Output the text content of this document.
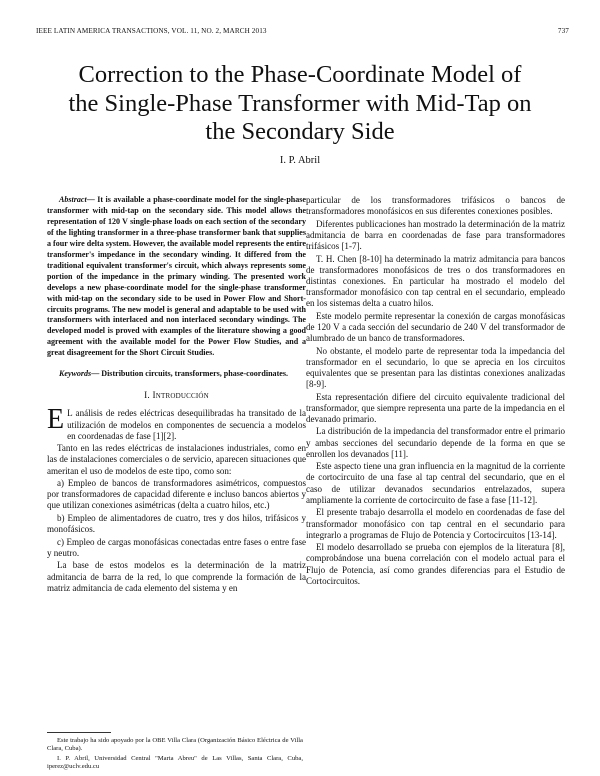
IEEE LATIN AMERICA TRANSACTIONS, VOL. 11, NO. 2, MARCH 2013	737
Correction to the Phase-Coordinate Model of
the Single-Phase Transformer with Mid-Tap on
the Secondary Side
I. P. Abril

Abstract— It is available a phase-coordinate model for the single-phase transformer with mid-tap on the secondary side. This model allows the representation of 120 V single-phase loads on each section of the secondary of the lighting transformer in a three-phase transformer bank that supplies a four wire delta system. However, the available model represents the entire transformer's impedance in the secondary winding. It differed from the traditional equivalent transformer's circuit, which always represents some portion of the impedance in the primary winding. The presented work develops a new phase-coordinate model for the single-phase transformer with mid-tap on the secondary side to be used in Power Flow and Short-circuits programs. The new model is general and adaptable to be used with transformers with interlaced and non interlaced secondary windings. The developed model is proved with examples of the literature showing a good agreement with the available model for the Power Flow Studies, and a great disagreement for the Short Circuit Studies.

Keywords— Distribution circuits, transformers, phase-coordinates.

I. Introducción

E L análisis de redes eléctricas desequilibradas ha transitado de la utilización de modelos en componentes de secuencia a modelos en coordenadas de fase [1][2].

Tanto en las redes eléctricas de instalaciones industriales, como en las de instalaciones comerciales o de servicio, aparecen situaciones que ameritan el uso de modelos de este tipo, como son:

a) Empleo de bancos de transformadores asimétricos, compuestos por transformadores de capacidad diferente e incluso bancos abiertos y que utilizan conexiones asimétricas (delta a cuatro hilos, etc.)

b) Empleo de alimentadores de cuatro, tres y dos hilos, trifásicos y monofásicos.

c) Empleo de cargas monofásicas conectadas entre fases o entre fase y neutro.

La base de estos modelos es la determinación de la matriz admitancia de barra de la red, lo que comprende la formación de la matriz admitancia de cada elemento del sistema y en

particular de los transformadores trifásicos o bancos de transformadores monofásicos en sus diferentes conexiones posibles.

Diferentes publicaciones han mostrado la determinación de la matriz admitancia de barra en coordenadas de fase para transformadores trifásicos [1-7].

T. H. Chen [8-10] ha determinado la matriz admitancia para bancos de transformadores monofásicos de tres o dos transformadores en distintas conexiones. En particular ha mostrado el modelo del transformador monofásico con tap central en el secundario, empleado en los sistemas delta a cuatro hilos.

Este modelo permite representar la conexión de cargas monofásicas de 120 V a cada sección del secundario de 240 V del transformador de alumbrado de un banco de transformadores.

No obstante, el modelo parte de representar toda la impedancia del transformador en el secundario, lo que se aprecia en los circuitos equivalentes que se presentan para las distintas conexiones analizadas [8-9].

Esta representación difiere del circuito equivalente tradicional del transformador, que siempre representa una parte de la impedancia en el devanado primario.

La distribución de la impedancia del transformador entre el primario y ambas secciones del secundario depende de la forma en que se enrollen los devanados [11].

Este aspecto tiene una gran influencia en la magnitud de la corriente de cortocircuito de una fase al tap central del secundario, que en el caso de utilizar devanados secundarios entrelazados, supera ampliamente la corriente de cortocircuito de fase a fase [11-12].

El presente trabajo desarrolla el modelo en coordenadas de fase del transformador monofásico con tap central en el secundario para integrarlo a programas de Flujo de Potencia y Cortocircuitos [13-14].

El modelo desarrollado se prueba con ejemplos de la literatura [8], comprobándose una buena correlación con el modelo actual para el Flujo de Potencia, así como grandes diferencias para el Estudio de Cortocircuitos.

Este trabajo ha sido apoyado por la OBE Villa Clara (Organización Básico Eléctrica de Villa Clara, Cuba).

I. P. Abril, Universidad Central "Marta Abreu" de Las Villas, Santa Clara, Cuba, iperez@uclv.edu.cu
